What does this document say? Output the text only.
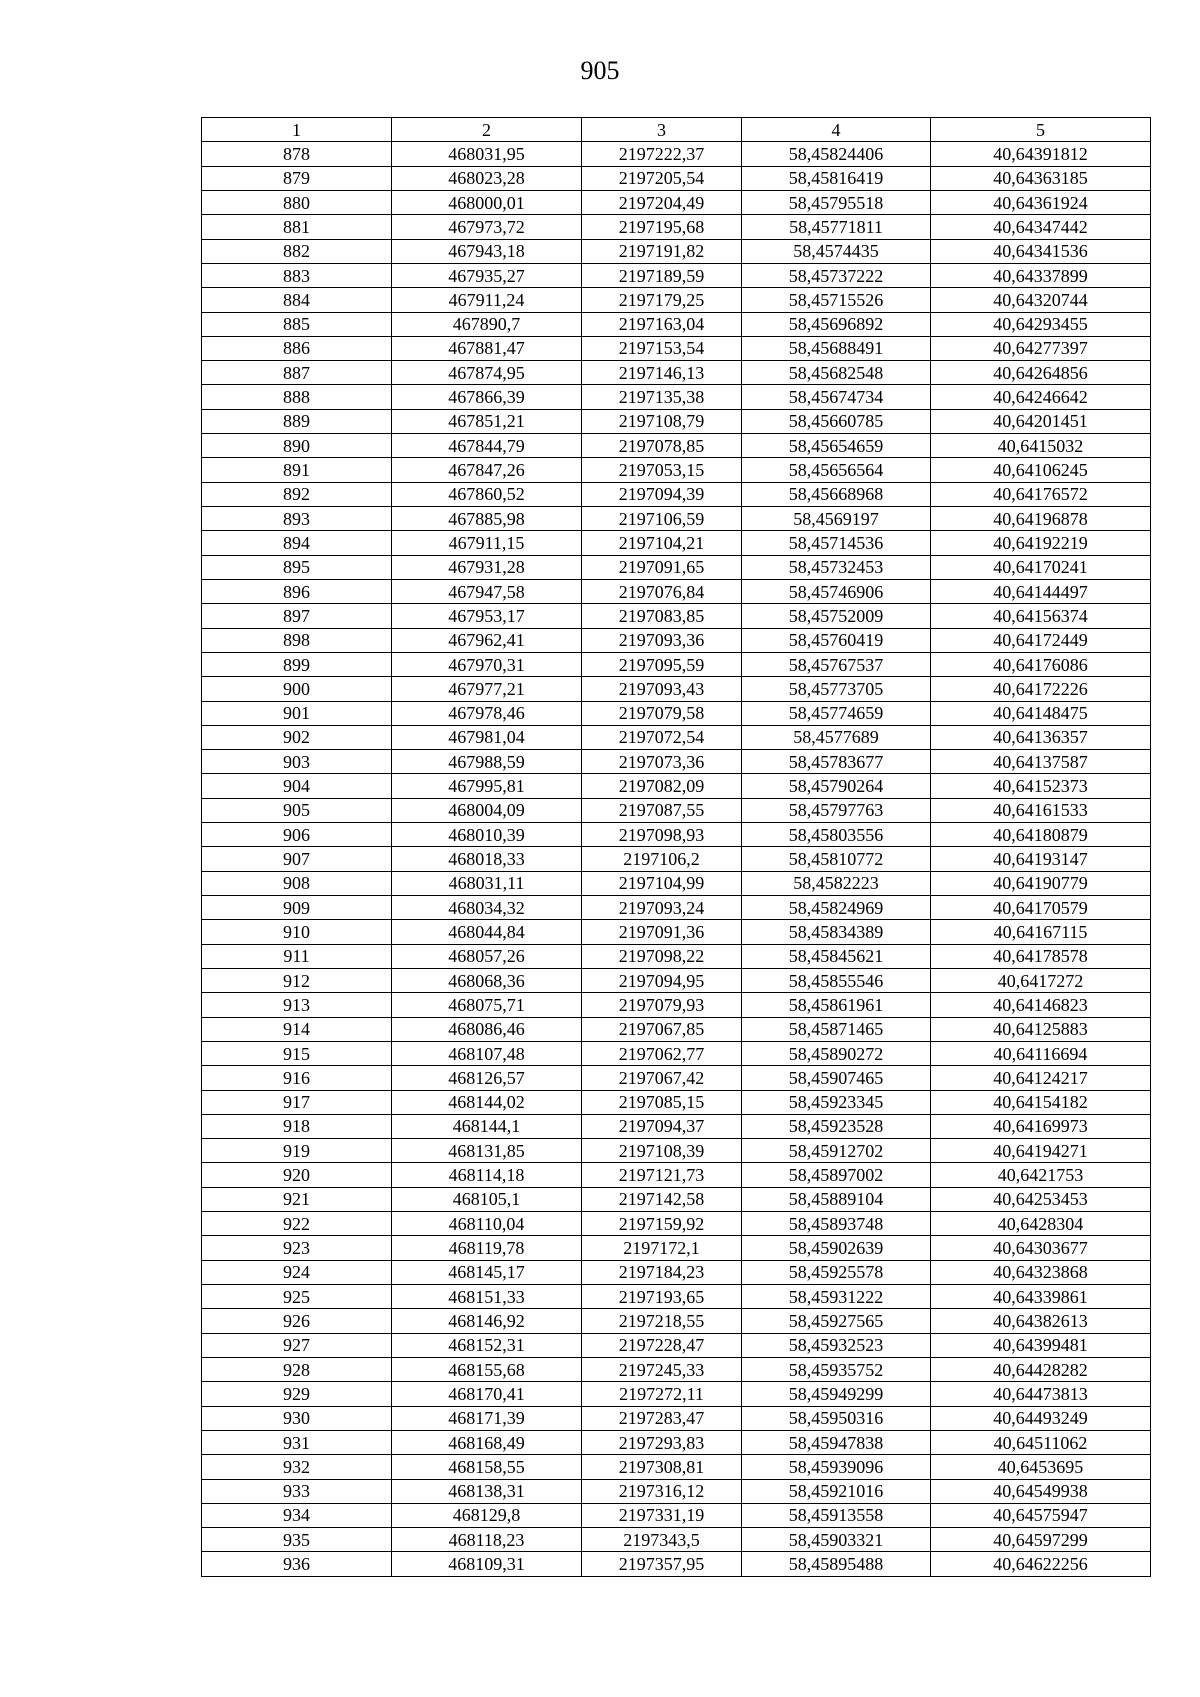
905
1	2	3	4	5
878	468031,95	2197222,37	58,45824406	40,64391812
879	468023,28	2197205,54	58,45816419	40,64363185
880	468000,01	2197204,49	58,45795518	40,64361924
881	467973,72	2197195,68	58,45771811	40,64347442
882	467943,18	2197191,82	58,4574435	40,64341536
883	467935,27	2197189,59	58,45737222	40,64337899
884	467911,24	2197179,25	58,45715526	40,64320744
885	467890,7	2197163,04	58,45696892	40,64293455
886	467881,47	2197153,54	58,45688491	40,64277397
887	467874,95	2197146,13	58,45682548	40,64264856
888	467866,39	2197135,38	58,45674734	40,64246642
889	467851,21	2197108,79	58,45660785	40,64201451
890	467844,79	2197078,85	58,45654659	40,6415032
891	467847,26	2197053,15	58,45656564	40,64106245
892	467860,52	2197094,39	58,45668968	40,64176572
893	467885,98	2197106,59	58,4569197	40,64196878
894	467911,15	2197104,21	58,45714536	40,64192219
895	467931,28	2197091,65	58,45732453	40,64170241
896	467947,58	2197076,84	58,45746906	40,64144497
897	467953,17	2197083,85	58,45752009	40,64156374
898	467962,41	2197093,36	58,45760419	40,64172449
899	467970,31	2197095,59	58,45767537	40,64176086
900	467977,21	2197093,43	58,45773705	40,64172226
901	467978,46	2197079,58	58,45774659	40,64148475
902	467981,04	2197072,54	58,4577689	40,64136357
903	467988,59	2197073,36	58,45783677	40,64137587
904	467995,81	2197082,09	58,45790264	40,64152373
905	468004,09	2197087,55	58,45797763	40,64161533
906	468010,39	2197098,93	58,45803556	40,64180879
907	468018,33	2197106,2	58,45810772	40,64193147
908	468031,11	2197104,99	58,4582223	40,64190779
909	468034,32	2197093,24	58,45824969	40,64170579
910	468044,84	2197091,36	58,45834389	40,64167115
911	468057,26	2197098,22	58,45845621	40,64178578
912	468068,36	2197094,95	58,45855546	40,6417272
913	468075,71	2197079,93	58,45861961	40,64146823
914	468086,46	2197067,85	58,45871465	40,64125883
915	468107,48	2197062,77	58,45890272	40,64116694
916	468126,57	2197067,42	58,45907465	40,64124217
917	468144,02	2197085,15	58,45923345	40,64154182
918	468144,1	2197094,37	58,45923528	40,64169973
919	468131,85	2197108,39	58,45912702	40,64194271
920	468114,18	2197121,73	58,45897002	40,6421753
921	468105,1	2197142,58	58,45889104	40,64253453
922	468110,04	2197159,92	58,45893748	40,6428304
923	468119,78	2197172,1	58,45902639	40,64303677
924	468145,17	2197184,23	58,45925578	40,64323868
925	468151,33	2197193,65	58,45931222	40,64339861
926	468146,92	2197218,55	58,45927565	40,64382613
927	468152,31	2197228,47	58,45932523	40,64399481
928	468155,68	2197245,33	58,45935752	40,64428282
929	468170,41	2197272,11	58,45949299	40,64473813
930	468171,39	2197283,47	58,45950316	40,64493249
931	468168,49	2197293,83	58,45947838	40,64511062
932	468158,55	2197308,81	58,45939096	40,6453695
933	468138,31	2197316,12	58,45921016	40,64549938
934	468129,8	2197331,19	58,45913558	40,64575947
935	468118,23	2197343,5	58,45903321	40,64597299
936	468109,31	2197357,95	58,45895488	40,64622256
